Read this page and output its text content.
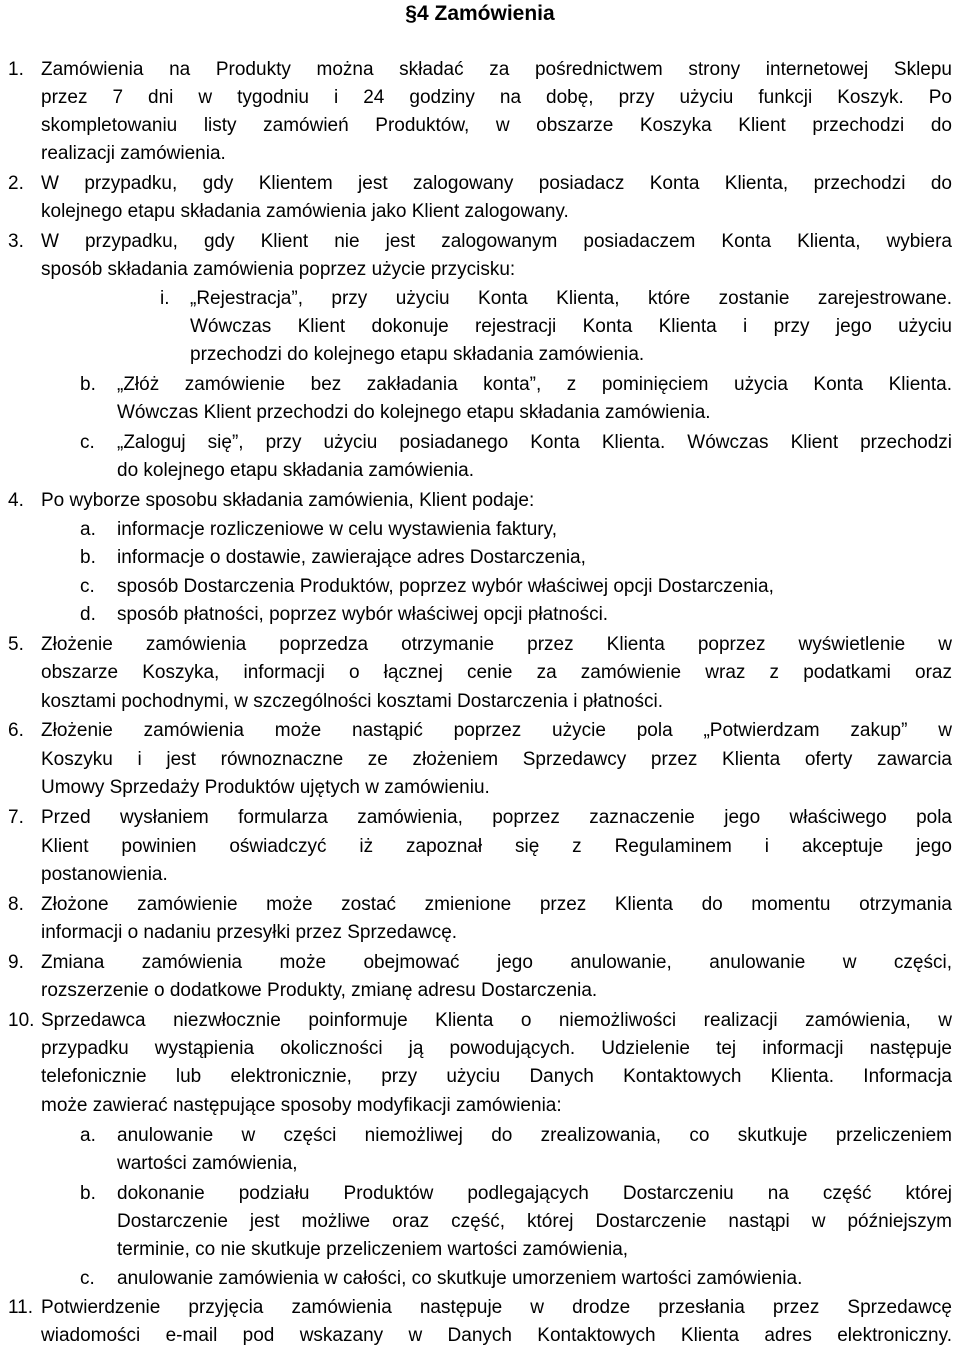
§4 Zamówienia
1. Zamówienia na Produkty można składać za pośrednictwem strony internetowej Sklepu
przez 7 dni w tygodniu i 24 godziny na dobę, przy użyciu funkcji Koszyk. Po
skompletowaniu listy zamówień Produktów, w obszarze Koszyka Klient przechodzi do
realizacji zamówienia.
2. W przypadku, gdy Klientem jest zalogowany posiadacz Konta Klienta, przechodzi do
kolejnego etapu składania zamówienia jako Klient zalogowany.
3. W przypadku, gdy Klient nie jest zalogowanym posiadaczem Konta Klienta, wybiera
sposób składania zamówienia poprzez użycie przycisku:
i. „Rejestracja”, przy użyciu Konta Klienta, które zostanie zarejestrowane.
Wówczas Klient dokonuje rejestracji Konta Klienta i przy jego użyciu
przechodzi do kolejnego etapu składania zamówienia.
b. „Złóż zamówienie bez zakładania konta”, z pominięciem użycia Konta Klienta.
Wówczas Klient przechodzi do kolejnego etapu składania zamówienia.
c. „Zaloguj się”, przy użyciu posiadanego Konta Klienta. Wówczas Klient przechodzi
do kolejnego etapu składania zamówienia.
4. Po wyborze sposobu składania zamówienia, Klient podaje:
a. informacje rozliczeniowe w celu wystawienia faktury,
b. informacje o dostawie, zawierające adres Dostarczenia,
c. sposób Dostarczenia Produktów, poprzez wybór właściwej opcji Dostarczenia,
d. sposób płatności, poprzez wybór właściwej opcji płatności.
5. Złożenie zamówienia poprzedza otrzymanie przez Klienta poprzez wyświetlenie w
obszarze Koszyka, informacji o łącznej cenie za zamówienie wraz z podatkami oraz
kosztami pochodnymi, w szczególności kosztami Dostarczenia i płatności.
6. Złożenie zamówienia może nastąpić poprzez użycie pola „Potwierdzam zakup” w
Koszyku i jest równoznaczne ze złożeniem Sprzedawcy przez Klienta oferty zawarcia
Umowy Sprzedaży Produktów ujętych w zamówieniu.
7. Przed wysłaniem formularza zamówienia, poprzez zaznaczenie jego właściwego pola
Klient powinien oświadczyć iż zapoznał się z Regulaminem i akceptuje jego
postanowienia.
8. Złożone zamówienie może zostać zmienione przez Klienta do momentu otrzymania
informacji o nadaniu przesyłki przez Sprzedawcę.
9. Zmiana zamówienia może obejmować jego anulowanie, anulowanie w części,
rozszerzenie o dodatkowe Produkty, zmianę adresu Dostarczenia.
10. Sprzedawca niezwłocznie poinformuje Klienta o niemożliwości realizacji zamówienia, w
przypadku wystąpienia okoliczności ją powodujących. Udzielenie tej informacji następuje
telefonicznie lub elektronicznie, przy użyciu Danych Kontaktowych Klienta. Informacja
może zawierać następujące sposoby modyfikacji zamówienia:
a. anulowanie w części niemożliwej do zrealizowania, co skutkuje przeliczeniem
wartości zamówienia,
b. dokonanie podziału Produktów podlegających Dostarczeniu na część której
Dostarczenie jest możliwe oraz część, której Dostarczenie nastąpi w późniejszym
terminie, co nie skutkuje przeliczeniem wartości zamówienia,
c. anulowanie zamówienia w całości, co skutkuje umorzeniem wartości zamówienia.
11. Potwierdzenie przyjęcia zamówienia następuje w drodze przesłania przez Sprzedawcę
wiadomości e-mail pod wskazany w Danych Kontaktowych Klienta adres elektroniczny.
